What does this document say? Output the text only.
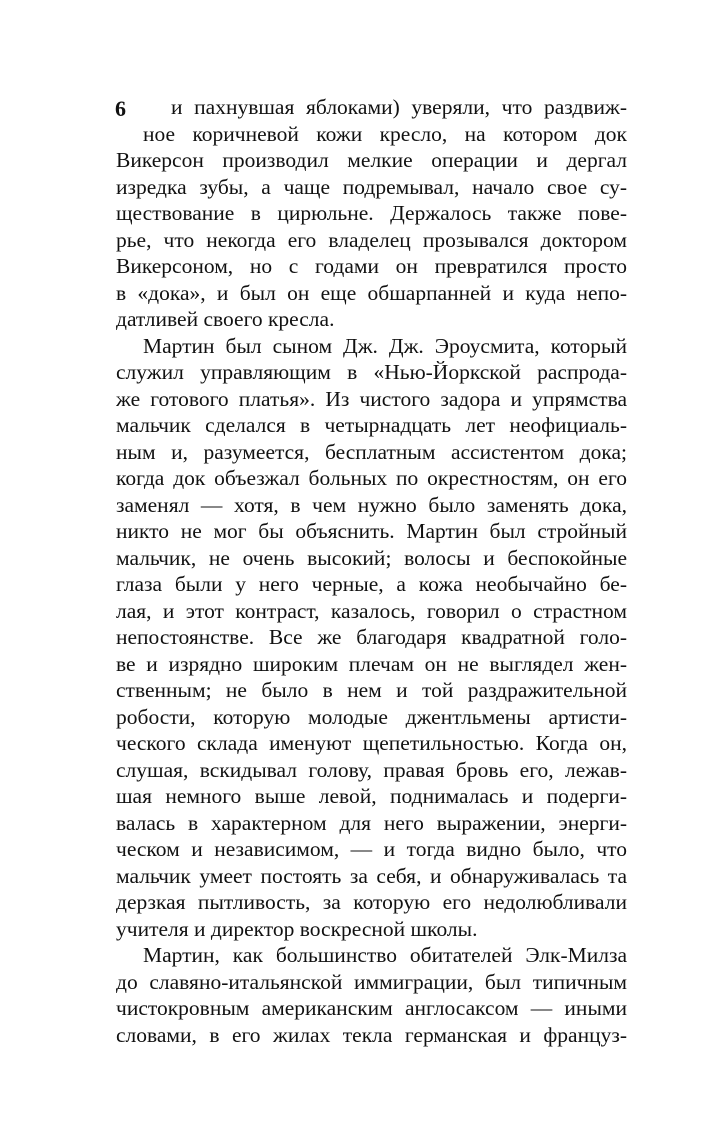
6	и пахнувшая яблоками) уверяли, что раздвиж-
ное коричневой кожи кресло, на котором док
Викерсон производил мелкие операции и дергал
изредка зубы, а чаще подремывал, начало свое су-
ществование в цирюльне. Держалось также пове-
рье, что некогда его владелец прозывался доктором
Викерсоном, но с годами он превратился просто
в «дока», и был он еще обшарпанней и куда непо-
датливей своего кресла.
Мартин был сыном Дж. Дж. Эроусмита, который
служил управляющим в «Нью-Йоркской распрода-
же готового платья». Из чистого задора и упрямства
мальчик сделался в четырнадцать лет неофициаль-
ным и, разумеется, бесплатным ассистентом дока;
когда док объезжал больных по окрестностям, он его
заменял — хотя, в чем нужно было заменять дока,
никто не мог бы объяснить. Мартин был стройный
мальчик, не очень высокий; волосы и беспокойные
глаза были у него черные, а кожа необычайно бе-
лая, и этот контраст, казалось, говорил о страстном
непостоянстве. Все же благодаря квадратной голо-
ве и изрядно широким плечам он не выглядел жен-
ственным; не было в нем и той раздражительной
робости, которую молодые джентльмены артисти-
ческого склада именуют щепетильностью. Когда он,
слушая, вскидывал голову, правая бровь его, лежав-
шая немного выше левой, поднималась и подерги-
валась в характерном для него выражении, энерги-
ческом и независимом, — и тогда видно было, что
мальчик умеет постоять за себя, и обнаруживалась та
дерзкая пытливость, за которую его недолюбливали
учителя и директор воскресной школы.
Мартин, как большинство обитателей Элк-Милза
до славяно-итальянской иммиграции, был типичным
чистокровным американским англосаксом — иными
словами, в его жилах текла германская и француз-
